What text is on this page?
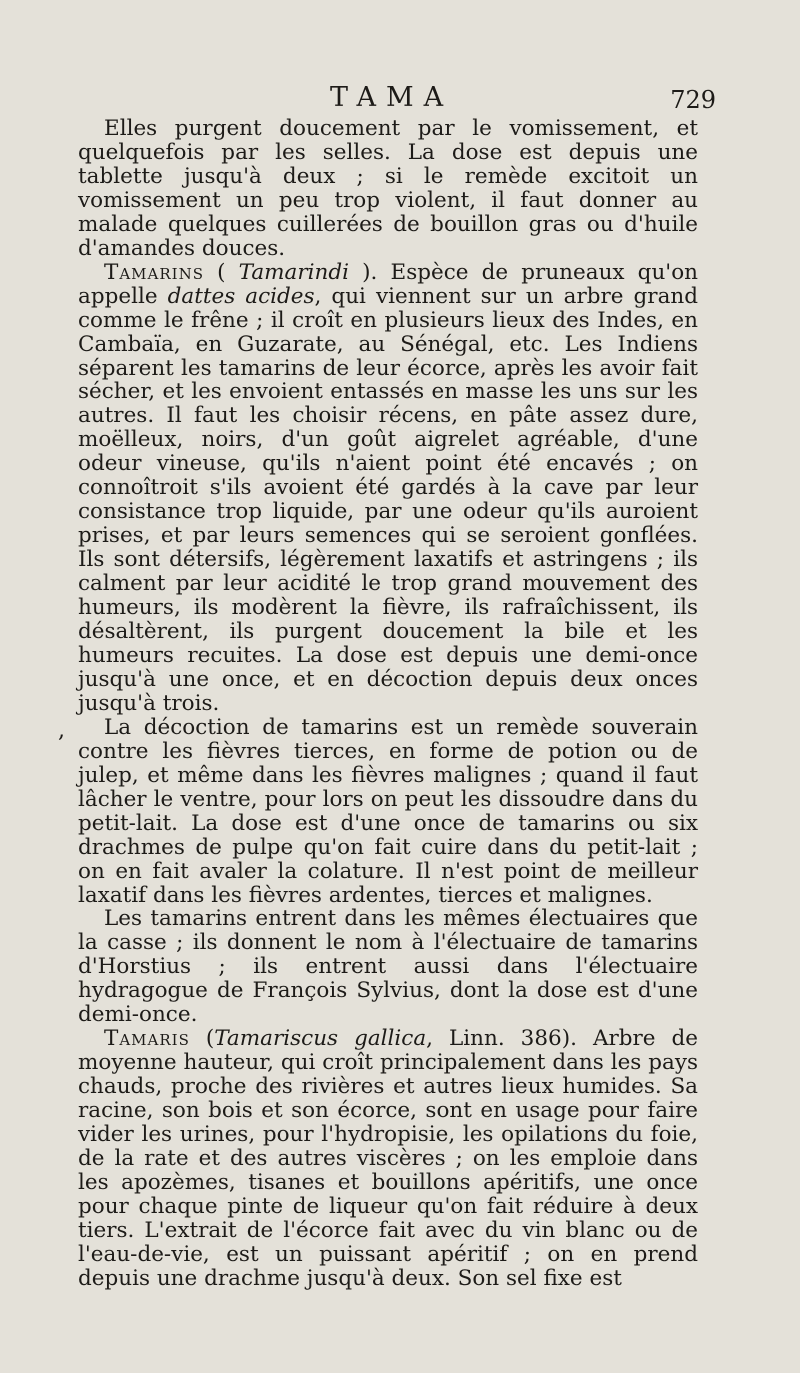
TAMA	729
,

Elles purgent doucement par le vomissement, et quelquefois par les selles. La dose est depuis une tablette jusqu'à deux ; si le remède excitoit un vomissement un peu trop violent, il faut donner au malade quelques cuillerées de bouillon gras ou d'huile d'amandes douces.

Tamarins ( Tamarindi ). Espèce de pruneaux qu'on appelle dattes acides, qui viennent sur un arbre grand comme le frêne ; il croît en plusieurs lieux des Indes, en Cambaïa, en Guzarate, au Sénégal, etc. Les Indiens séparent les tamarins de leur écorce, après les avoir fait sécher, et les envoient entassés en masse les uns sur les autres. Il faut les choisir récens, en pâte assez dure, moëlleux, noirs, d'un goût aigrelet agréable, d'une odeur vineuse, qu'ils n'aient point été encavés ; on connoîtroit s'ils avoient été gardés à la cave par leur consistance trop liquide, par une odeur qu'ils auroient prises, et par leurs semences qui se seroient gonflées. Ils sont détersifs, légèrement laxatifs et astringens ; ils calment par leur acidité le trop grand mouvement des humeurs, ils modèrent la fièvre, ils rafraîchissent, ils désaltèrent, ils purgent doucement la bile et les humeurs recuites. La dose est depuis une demi-once jusqu'à une once, et en décoction depuis deux onces jusqu'à trois.

La décoction de tamarins est un remède souverain contre les fièvres tierces, en forme de potion ou de julep, et même dans les fièvres malignes ; quand il faut lâcher le ventre, pour lors on peut les dissoudre dans du petit-lait. La dose est d'une once de tamarins ou six drachmes de pulpe qu'on fait cuire dans du petit-lait ; on en fait avaler la colature. Il n'est point de meilleur laxatif dans les fièvres ardentes, tierces et malignes.

Les tamarins entrent dans les mêmes électuaires que la casse ; ils donnent le nom à l'électuaire de tamarins d'Horstius ; ils entrent aussi dans l'électuaire hydragogue de François Sylvius, dont la dose est d'une demi-once.

Tamaris (Tamariscus gallica, Linn. 386). Arbre de moyenne hauteur, qui croît principalement dans les pays chauds, proche des rivières et autres lieux humides. Sa racine, son bois et son écorce, sont en usage pour faire vider les urines, pour l'hydropisie, les opilations du foie, de la rate et des autres viscères ; on les emploie dans les apozèmes, tisanes et bouillons apéritifs, une once pour chaque pinte de liqueur qu'on fait réduire à deux tiers. L'extrait de l'écorce fait avec du vin blanc ou de l'eau-de-vie, est un puissant apéritif ; on en prend depuis une drachme jusqu'à deux. Son sel fixe est
